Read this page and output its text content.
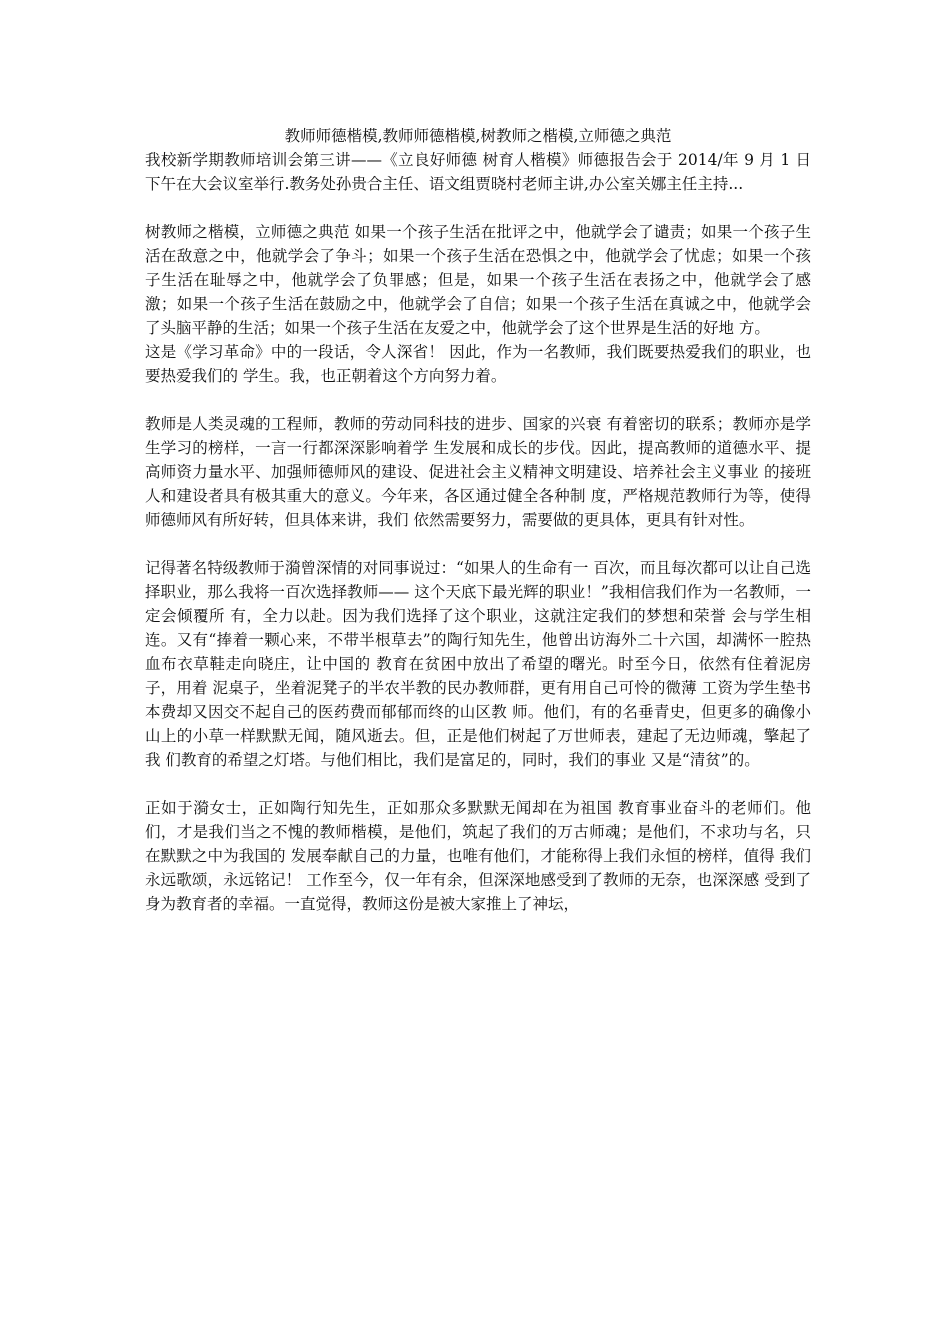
教师师德楷模,教师师德楷模,树教师之楷模,立师德之典范

我校新学期教师培训会第三讲——《立良好师德 树育人楷模》师德报告会于 2014/年 9 月 1 日下午在大会议室举行.教务处孙贵合主任、语文组贾晓村老师主讲,办公室关娜主任主持...

树教师之楷模，立师德之典范 如果一个孩子生活在批评之中，他就学会了谴责；如果一个孩子生活在敌意之中，他就学会了争斗；如果一个孩子生活在恐惧之中，他就学会了忧虑；如果一个孩子生活在耻辱之中，他就学会了负罪感；但是，如果一个孩子生活在表扬之中，他就学会了感激；如果一个孩子生活在鼓励之中，他就学会了自信；如果一个孩子生活在真诚之中，他就学会了头脑平静的生活；如果一个孩子生活在友爱之中，他就学会了这个世界是生活的好地 方。

这是《学习革命》中的一段话，令人深省！ 因此，作为一名教师，我们既要热爱我们的职业，也要热爱我们的 学生。我，也正朝着这个方向努力着。

教师是人类灵魂的工程师，教师的劳动同科技的进步、国家的兴衰 有着密切的联系；教师亦是学生学习的榜样，一言一行都深深影响着学 生发展和成长的步伐。因此，提高教师的道德水平、提高师资力量水平、加强师德师风的建设、促进社会主义精神文明建设、培养社会主义事业 的接班人和建设者具有极其重大的意义。今年来，各区通过健全各种制 度，严格规范教师行为等，使得师德师风有所好转，但具体来讲，我们 依然需要努力，需要做的更具体，更具有针对性。

记得著名特级教师于漪曾深情的对同事说过：“如果人的生命有一 百次，而且每次都可以让自己选择职业，那么我将一百次选择教师—— 这个天底下最光辉的职业！”我相信我们作为一名教师，一定会倾覆所 有，全力以赴。因为我们选择了这个职业，这就注定我们的梦想和荣誉 会与学生相连。又有“捧着一颗心来，不带半根草去”的陶行知先生，他曾出访海外二十六国，却满怀一腔热血布衣草鞋走向晓庄，让中国的 教育在贫困中放出了希望的曙光。时至今日，依然有住着泥房子，用着 泥桌子，坐着泥凳子的半农半教的民办教师群，更有用自己可怜的微薄 工资为学生垫书本费却又因交不起自己的医药费而郁郁而终的山区教 师。他们，有的名垂青史，但更多的确像小山上的小草一样默默无闻，随风逝去。但，正是他们树起了万世师表，建起了无边师魂，擎起了我 们教育的希望之灯塔。与他们相比，我们是富足的，同时，我们的事业 又是“清贫”的。

正如于漪女士，正如陶行知先生，正如那众多默默无闻却在为祖国 教育事业奋斗的老师们。他们，才是我们当之不愧的教师楷模，是他们，筑起了我们的万古师魂；是他们，不求功与名，只在默默之中为我国的 发展奉献自己的力量，也唯有他们，才能称得上我们永恒的榜样，值得 我们永远歌颂，永远铭记！ 工作至今，仅一年有余，但深深地感受到了教师的无奈，也深深感 受到了身为教育者的幸福。一直觉得，教师这份是被大家推上了神坛，
